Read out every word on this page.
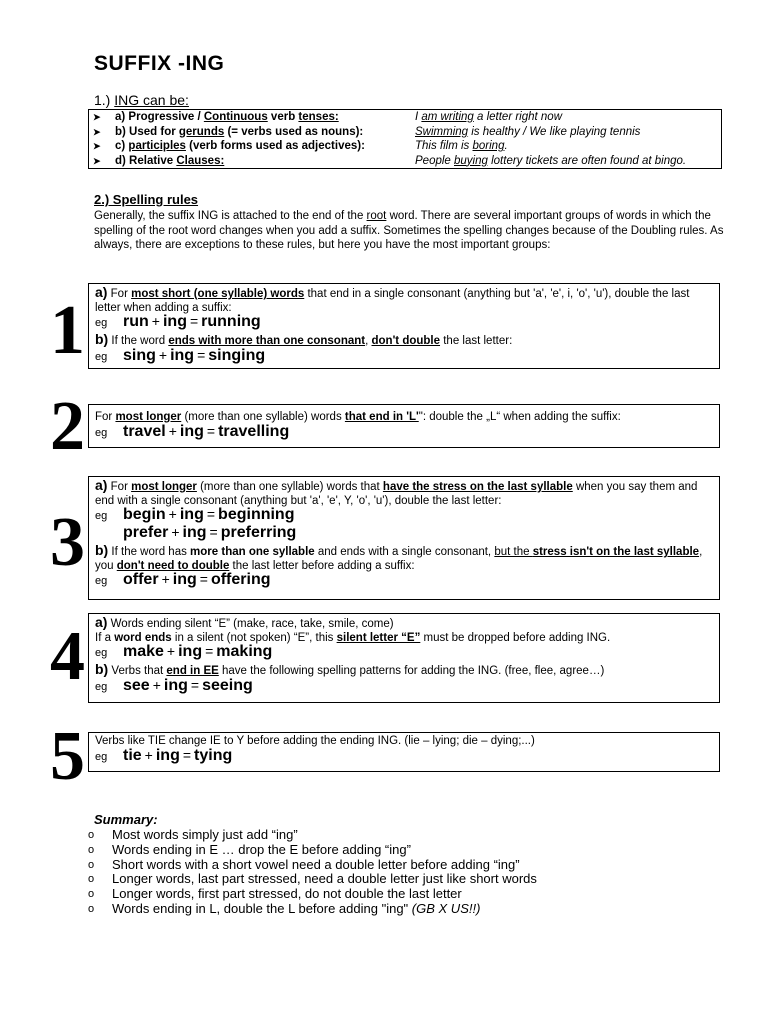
SUFFIX -ING
1.) ING can be:
➤ a) Progressive / Continuous verb tenses:	I am writing a letter right now
➤ b) Used for gerunds (= verbs used as nouns):	Swimming is healthy / We like playing tennis
➤ c) participles (verb forms used as adjectives):	This film is boring.
➤ d) Relative Clauses:	People buying lottery tickets are often found at bingo.
2.) Spelling rules
Generally, the suffix ING is attached to the end of the root word. There are several important groups of words in which the spelling of the root word changes when you add a suffix. Sometimes the spelling changes because of the Doubling rules. As always, there are exceptions to these rules, but here you have the most important groups:
1 a) For most short (one syllable) words that end in a single consonant (anything but 'a', 'e', i, 'o', 'u'), double the last letter when adding a suffix:
eg run + ing = running
b) If the word ends with more than one consonant, don't double the last letter:
eg sing + ing = singing
2 For most longer (more than one syllable) words that end in 'L'": double the „L“ when adding the suffix:
eg travel + ing = travelling
3
a) For most longer (more than one syllable) words that have the stress on the last syllable when you say them and end with a single consonant (anything but 'a', 'e', Y, 'o', 'u'), double the last letter:
eg begin + ing = beginning
prefer + ing = preferring
b) If the word has more than one syllable and ends with a single consonant, but the stress isn't on the last syllable, you don't need to double the last letter before adding a suffix:
eg offer + ing = offering
4 a) Words ending silent “E” (make, race, take, smile, come)
If a word ends in a silent (not spoken) “E”, this silent letter “E” must be dropped before adding ING.
eg make + ing = making
b) Verbs that end in EE have the following spelling patterns for adding the ING. (free, flee, agree…)
eg see + ing = seeing
5 Verbs like TIE change IE to Y before adding the ending ING. (lie – lying; die – dying;...)
eg tie + ing = tying
Summary:
o	Most words simply just add “ing”
o	Words ending in E … drop the E before adding “ing”
o	Short words with a short vowel need a double letter before adding “ing”
o	Longer words, last part stressed, need a double letter just like short words
o	Longer words, first part stressed, do not double the last letter
o	Words ending in L, double the L before adding "ing"
(GB X US!!)
